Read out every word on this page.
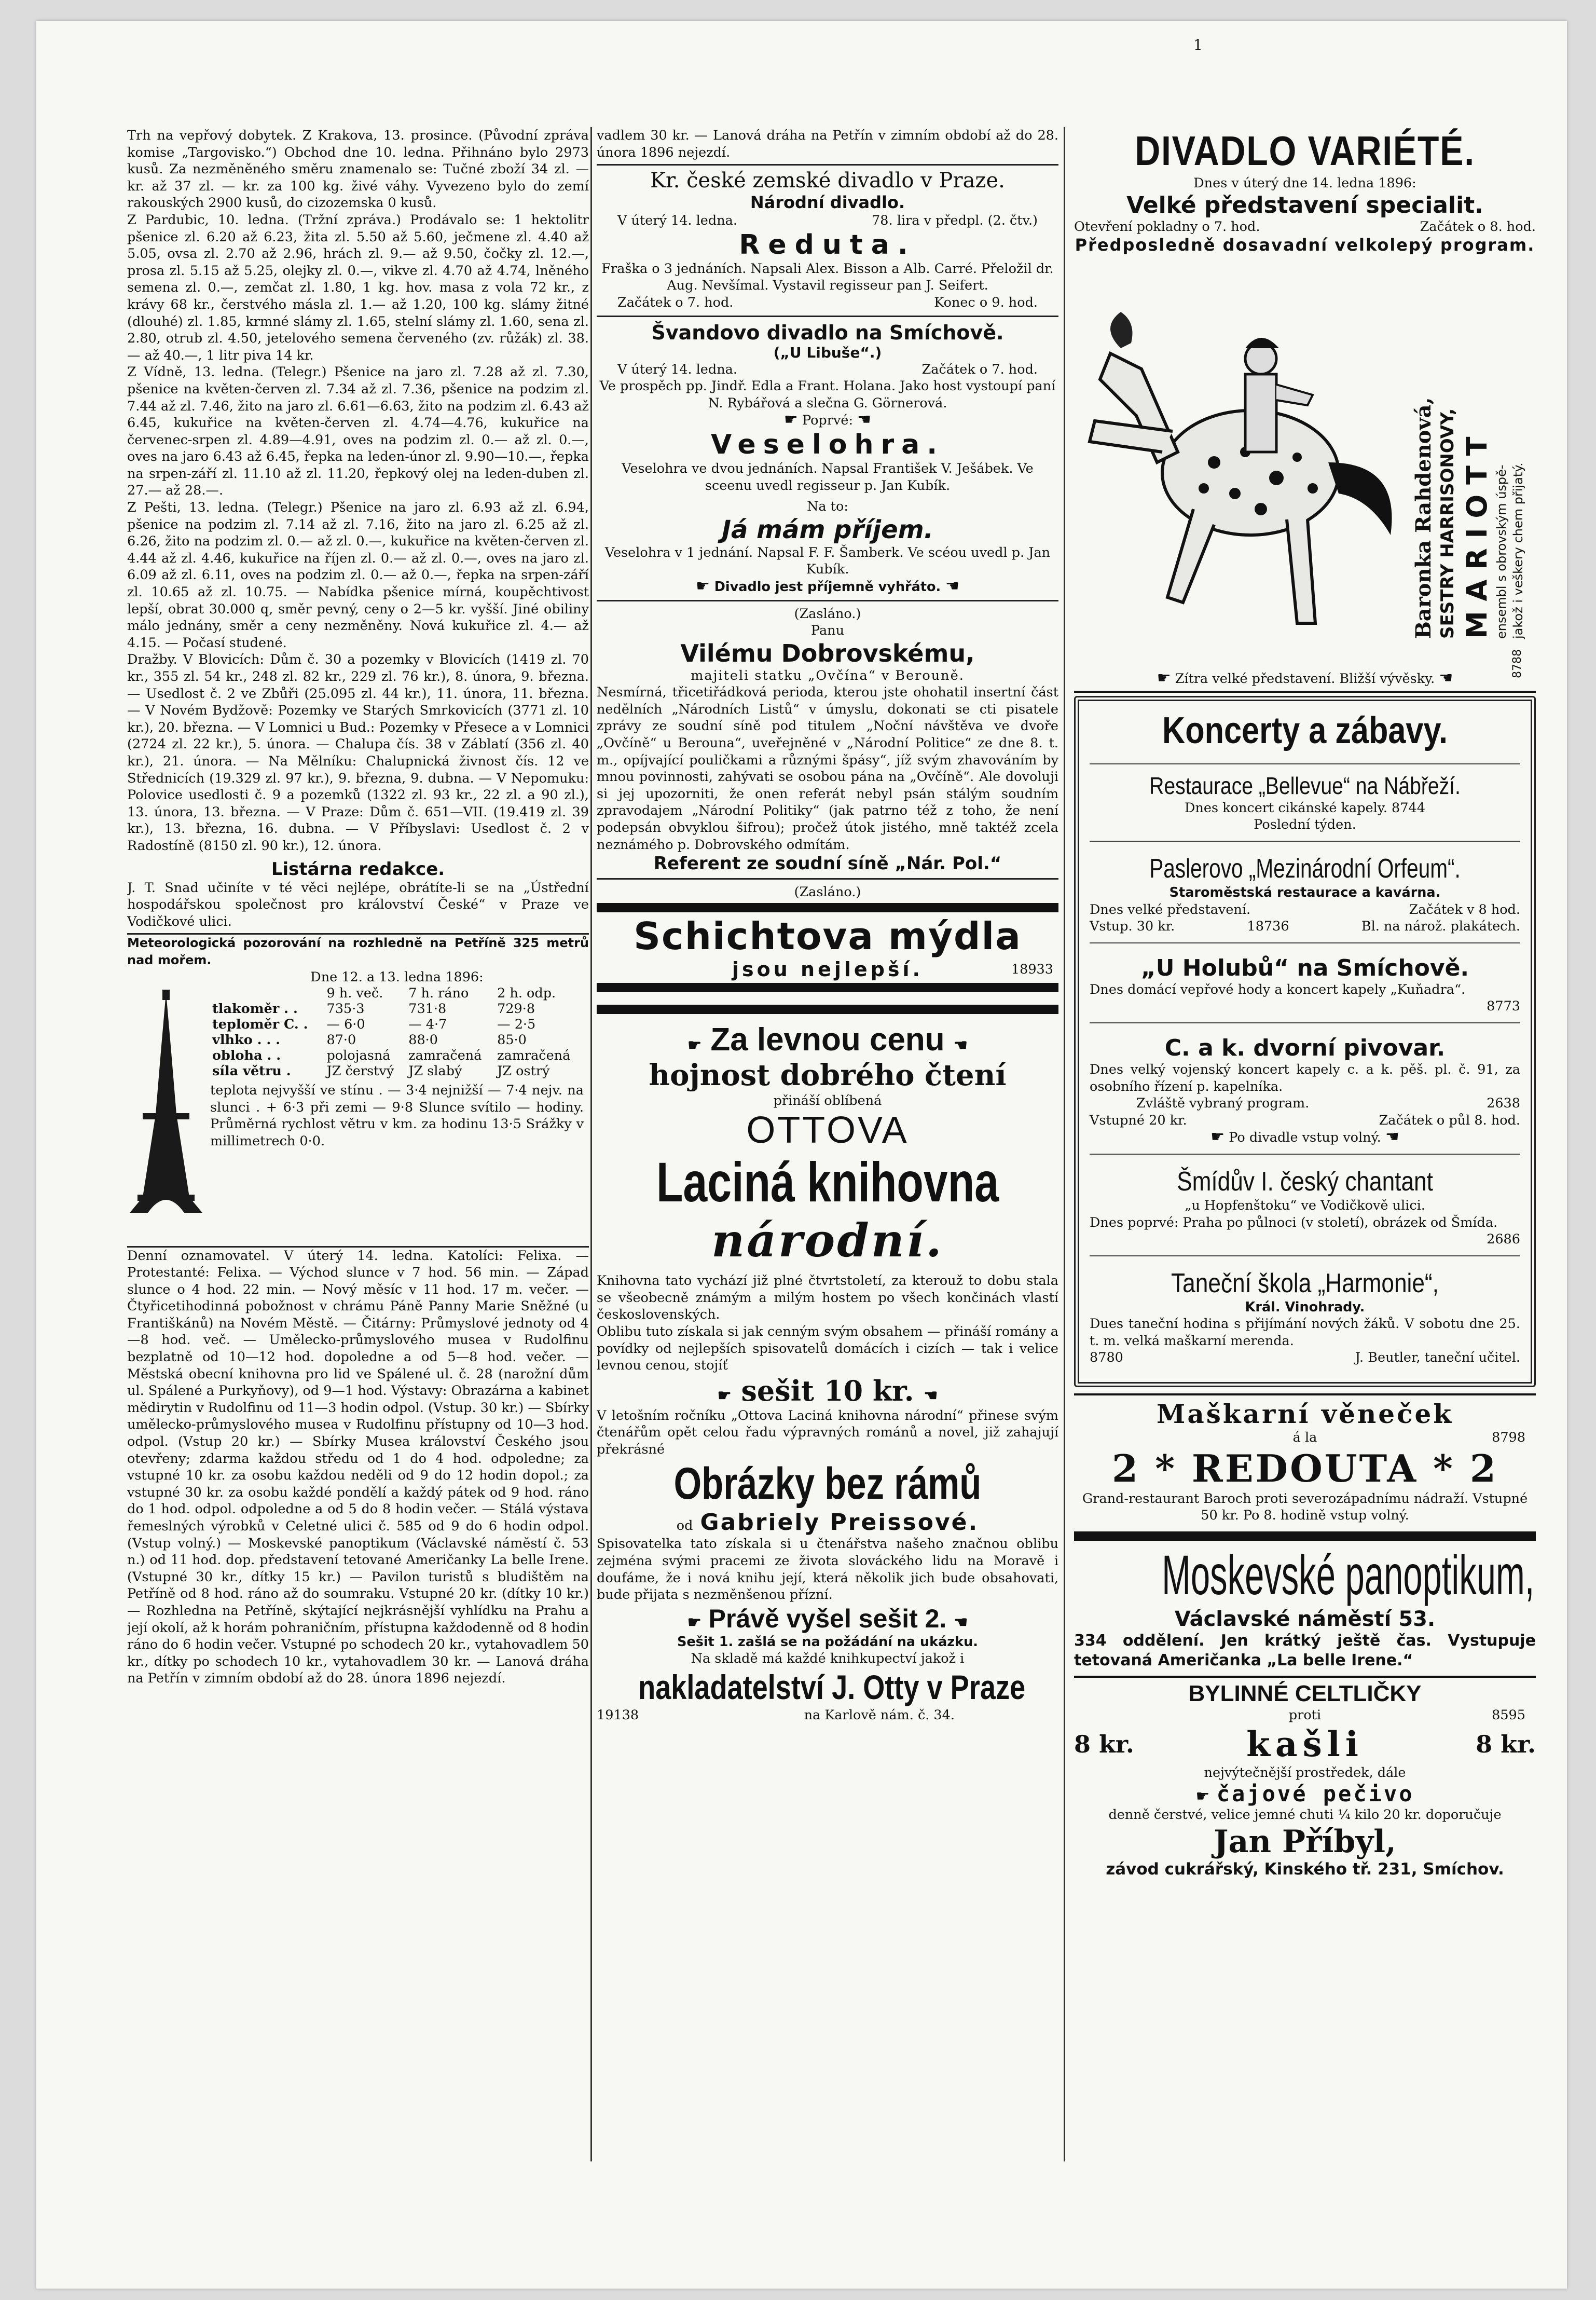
1

Trh na vepřový dobytek. Z Krakova, 13. prosince. (Původní zpráva komise „Targovisko.“) Obchod dne 10. ledna. Přihnáno bylo 2973 kusů. Za nezměněného směru znamenalo se: Tučné zboží 34 zl. — kr. až 37 zl. — kr. za 100 kg. živé váhy. Vyvezeno bylo do zemí rakouských 2900 kusů, do cizozemska 0 kusů.

Z Pardubic, 10. ledna. (Tržní zpráva.) Prodávalo se: 1 hektolitr pšenice zl. 6.20 až 6.23, žita zl. 5.50 až 5.60, ječmene zl. 4.40 až 5.05, ovsa zl. 2.70 až 2.96, hrách zl. 9.— až 9.50, čočky zl. 12.—, prosa zl. 5.15 až 5.25, olejky zl. 0.—, vikve zl. 4.70 až 4.74, lněného semena zl. 0.—, zemčat zl. 1.80, 1 kg. hov. masa z vola 72 kr., z krávy 68 kr., čerstvého másla zl. 1.— až 1.20, 100 kg. slámy žitné (dlouhé) zl. 1.85, krmné slámy zl. 1.65, stelní slámy zl. 1.60, sena zl. 2.80, otrub zl. 4.50, jetelového semena červeného (zv. růžák) zl. 38.— až 40.—, 1 litr piva 14 kr.

Z Vídně, 13. ledna. (Telegr.) Pšenice na jaro zl. 7.28 až zl. 7.30, pšenice na květen-červen zl. 7.34 až zl. 7.36, pšenice na podzim zl. 7.44 až zl. 7.46, žito na jaro zl. 6.61—6.63, žito na podzim zl. 6.43 až 6.45, kukuřice na květen-červen zl. 4.74—4.76, kukuřice na červenec-srpen zl. 4.89—4.91, oves na podzim zl. 0.— až zl. 0.—, oves na jaro 6.43 až 6.45, řepka na leden-únor zl. 9.90—10.—, řepka na srpen-září zl. 11.10 až zl. 11.20, řepkový olej na leden-duben zl. 27.— až 28.—.

Z Pešti, 13. ledna. (Telegr.) Pšenice na jaro zl. 6.93 až zl. 6.94, pšenice na podzim zl. 7.14 až zl. 7.16, žito na jaro zl. 6.25 až zl. 6.26, žito na podzim zl. 0.— až zl. 0.—, kukuřice na květen-červen zl. 4.44 až zl. 4.46, kukuřice na říjen zl. 0.— až zl. 0.—, oves na jaro zl. 6.09 až zl. 6.11, oves na podzim zl. 0.— až 0.—, řepka na srpen-září zl. 10.65 až zl. 10.75. — Nabídka pšenice mírná, koupěchtivost lepší, obrat 30.000 q, směr pevný, ceny o 2—5 kr. vyšší. Jiné obiliny málo jednány, směr a ceny nezměněny. Nová kukuřice zl. 4.— až 4.15. — Počasí studené.

Dražby. V Blovicích: Dům č. 30 a pozemky v Blovicích (1419 zl. 70 kr., 355 zl. 54 kr., 248 zl. 82 kr., 229 zl. 76 kr.), 8. února, 9. března. — Usedlost č. 2 ve Zbůři (25.095 zl. 44 kr.), 11. února, 11. března. — V Novém Bydžově: Pozemky ve Starých Smrkovicích (3771 zl. 10 kr.), 20. března. — V Lomnici u Bud.: Pozemky v Přesece a v Lomnici (2724 zl. 22 kr.), 5. února. — Chalupa čís. 38 v Záblatí (356 zl. 40 kr.), 21. února. — Na Mělníku: Chalupnická živnost čís. 12 ve Střednicích (19.329 zl. 97 kr.), 9. března, 9. dubna. — V Nepomuku: Polovice usedlosti č. 9 a pozemků (1322 zl. 93 kr., 22 zl. a 90 zl.), 13. února, 13. března. — V Praze: Dům č. 651—VII. (19.419 zl. 39 kr.), 13. března, 16. dubna. — V Příbyslavi: Usedlost č. 2 v Radostíně (8150 zl. 90 kr.), 12. února.

Listárna redakce.

J. T. Snad učiníte v té věci nejlépe, obrátíte-li se na „Ústřední hospodářskou společnost pro království České“ v Praze ve Vodičkové ulici.

Meteorologická pozorování na rozhledně na Petříně 325 metrů nad mořem.
Dne 12. a 13. ledna 1896:
	9 h. več.	7 h. ráno	2 h. odp.
tlakoměr . .	735·3	731·8	729·8
teploměr C. .	— 6·0	— 4·7	— 2·5
vlhko . . .	87·0	88·0	85·0
oblohа . .	polojasná	zamračená	zamračená
síla větru .	JZ čerstvý	JZ slabý	JZ ostrý

teplota nejvyšší ve stínu . — 3·4 nejnižší — 7·4 nejv. na slunci . + 6·3 při zemi — 9·8 Slunce svítilo — hodiny. Průměrná rychlost větru v km. za hodinu 13·5 Srážky v millimetrech 0·0.

Denní oznamovatel. V úterý 14. ledna. Katolíci: Felixa. — Protestanté: Felixa. — Východ slunce v 7 hod. 56 min. — Západ slunce o 4 hod. 22 min. — Nový měsíc v 11 hod. 17 m. večer. — Čtyřicetihodinná pobožnost v chrámu Páně Panny Marie Sněžné (u Františkánů) na Novém Městě. — Čitárny: Průmyslové jednoty od 4—8 hod. več. — Umělecko-průmyslového musea v Rudolfinu bezplatně od 10—12 hod. dopoledne a od 5—8 hod. večer. — Městská obecní knihovna pro lid ve Spálené ul. č. 28 (narožní dům ul. Spálené a Purkyňovy), od 9—1 hod. Výstavy: Obrazárna a kabinet mědirytin v Rudolfinu od 11—3 hodin odpol. (Vstup. 30 kr.) — Sbírky umělecko-průmyslového musea v Rudolfinu přístupny od 10—3 hod. odpol. (Vstup 20 kr.) — Sbírky Musea království Českého jsou otevřeny; zdarma každou středu od 1 do 4 hod. odpoledne; za vstupné 10 kr. za osobu každou neděli od 9 do 12 hodin dopol.; za vstupné 30 kr. za osobu každé pondělí a každý pátek od 9 hod. ráno do 1 hod. odpol. odpoledne a od 5 do 8 hodin večer. — Stálá výstava řemeslných výrobků v Celetné ulici č. 585 od 9 do 6 hodin odpol. (Vstup volný.) — Moskevské panoptikum (Václavské náměstí č. 53 n.) od 11 hod. dop. představení tetované Američanky La belle Irene. (Vstupné 30 kr., dítky 15 kr.) — Pavilon turistů s bludištěm na Petříně od 8 hod. ráno až do soumraku. Vstupné 20 kr. (dítky 10 kr.) — Rozhledna na Petříně, skýtající nejkrásnější vyhlídku na Prahu a její okolí, až k horám pohraničním, přístupna každodenně od 8 hodin ráno do 6 hodin večer. Vstupné po schodech 20 kr., vytahovadlem 50 kr., dítky po schodech 10 kr., vytahovadlem 30 kr. — Lanová dráha na Petřín v zimním období až do 28. února 1896 nejezdí.

vadlem 30 kr. — Lanová dráha na Petřín v zimním období až do 28. února 1896 nejezdí.

Kr. české zemské divadlo v Praze.
Národní divadlo.
V úterý 14. ledna.	78. lira v předpl. (2. čtv.)
Reduta.

Fraška o 3 jednáních. Napsali Alex. Bisson a Alb. Carré. Přeložil dr. Aug. Nevšímal. Vystavil regisseur pan J. Seifert.

Začátek o 7. hod.	Konec o 9. hod.
Švandovo divadlo na Smíchově.
(„U Libuše“.)
V úterý 14. ledna.	Začátek o 7. hod.

Ve prospěch pp. Jindř. Edla a Frant. Holana. Jako host vystoupí paní N. Rybářová a slečna G. Görnerová.

☛ Poprvé: ☚
Veselohra.

Veselohra ve dvou jednáních. Napsal František V. Ješábek. Ve sceenu uvedl regisseur p. Jan Kubík.

Na to:
Já mám příjem.

Veselohra v 1 jednání. Napsal F. F. Šamberk. Ve scéou uvedl p. Jan Kubík.

☛ Divadlo jest příjemně vyhřáto. ☚
(Zasláno.)
Panu
Vilému Dobrovskému,
majiteli statku „Ovčína“ v Berouně.

Nesmírná, třicetiřádková perioda, kterou jste ohohatil insertní část nedělních „Národních Listů“ v úmyslu, dokonati se cti pisatele zprávy ze soudní síně pod titulem „Noční návštěva ve dvoře „Ovčíně“ u Berouna“, uveřejněné v „Národní Politice“ ze dne 8. t. m., opíjvající pouličkami a různými špásy“, jíž svým zhavováním by mnou povinnosti, zahývati se osobou pána na „Ovčíně“. Ale dovoluji si jej upozorniti, že onen referát nebyl psán stálým soudním zpravodajem „Národní Politiky“ (jak patrno též z toho, že není podepsán obvyklou šifrou); pročež útok jistého, mně taktéž zcela neznámého p. Dobrovského odmítám.

Referent ze soudní síně „Nár. Pol.“
(Zasláno.)
Schichtova mýdla
jsou nejlepší.	18933
☛ Za levnou cenu ☚
hojnost dobrého čtení
přináší oblíbená
OTTOVA
Laciná knihovna
národní.

Knihovna tato vychází již plné čtvrtstoletí, za kterouž to dobu stala se všeobecně známým a milým hostem po všech končinách vlastí československých.

Oblibu tuto získala si jak cenným svým obsahem — přináší romány a povídky od nejlepších spisovatelů domácích i cizích — tak i velice levnou cenou, stojíť

☛ sešit 10 kr. ☚

V letošním ročníku „Ottova Laciná knihovna národní“ přinese svým čtenářům opět celou řadu výpravných románů a novel, již zahajují překrásné

Obrázky bez rámů
od Gabriely Preissové.

Spisovatelka tato získala si u čtenářstva našeho značnou oblibu zejména svými pracemi ze života slováckého lidu na Moravě i doufáme, že i nová knihu její, která několik jich bude obsahovati, bude přijata s nezměnšenou přízní.

☛ Právě vyšel sešit 2. ☚
Sešit 1. zašlá se na požádání na ukázku.
Na skladě má každé knihkupectví jakož i
nakladatelství J. Otty v Praze
19138	na Karlově nám. č. 34.
DIVADLO VARIÉTÉ.
Dnes v úterý dne 14. ledna 1896:
Velké představení specialit.
Otevření pokladny o 7. hod.	Začátek o 8. hod.
Předposledně dosavadní velkolepý program.
Baronka Rahdenová, SESTRY HARRISONOVY, M A R I O T T ensembl s obrovským úspě- jakož i veškery chem přijatý.
8788
☛ Zítra velké představení. Bližší vývěsky. ☚
Koncerty a zábavy.
Restaurace „Bellevue“ na Nábřeží.
Dnes koncert cikánské kapely. 8744
Poslední týden.
Paslerovo „Mezinárodní Orfeum“.
Staroměstská restaurace a kavárna.
Dnes velké představení.	Začátek v 8 hod.
Vstup. 30 kr.	18736	Bl. na nárož. plakátech.
„U Holubů“ na Smíchově.

Dnes domácí vepřové hody a koncert kapely „Kuňadra“.

8773
C. a k. dvorní pivovar.

Dnes velký vojenský koncert kapely c. a k. pěš. pl. č. 91, za osobního řízení p. kapelníka.

Zvláště vybraný program.	2638
Vstupné 20 kr.	Začátek o půl 8. hod.
☛ Po divadle vstup volný. ☚
Šmídův I. český chantant
„u Hopfenštoku“ ve Vodičkově ulici.

Dnes poprvé: Praha po půlnoci (v století), obrázek od Šmída.

2686
Taneční škola „Harmonie“,
Král. Vinohrady.

Dues taneční hodina s přijímání nových žáků. V sobotu dne 25. t. m. velká maškarní merenda.

8780	J. Beutler, taneční učitel.
Maškarní věneček
á la	8798
2 * REDOUTA * 2

Grand-restaurant Baroch proti severozápadnímu nádraží. Vstupné 50 kr. Po 8. hodině vstup volný.

Moskevské panoptikum,
Václavské náměstí 53.

334 oddělení. Jen krátký ještě čas. Vystupuje tetovaná Američanka „La belle Irene.“

BYLINNÉ CELTLIČKY
proti	8595
8 kr.	kašli	8 kr.
nejvýtečnější prostředek, dále
☛ čajové pečivo

denně čerstvé, velice jemné chuti ¼ kilo 20 kr. doporučuje

Jan Příbyl,
závod cukrářský, Kinského tř. 231, Smíchov.
